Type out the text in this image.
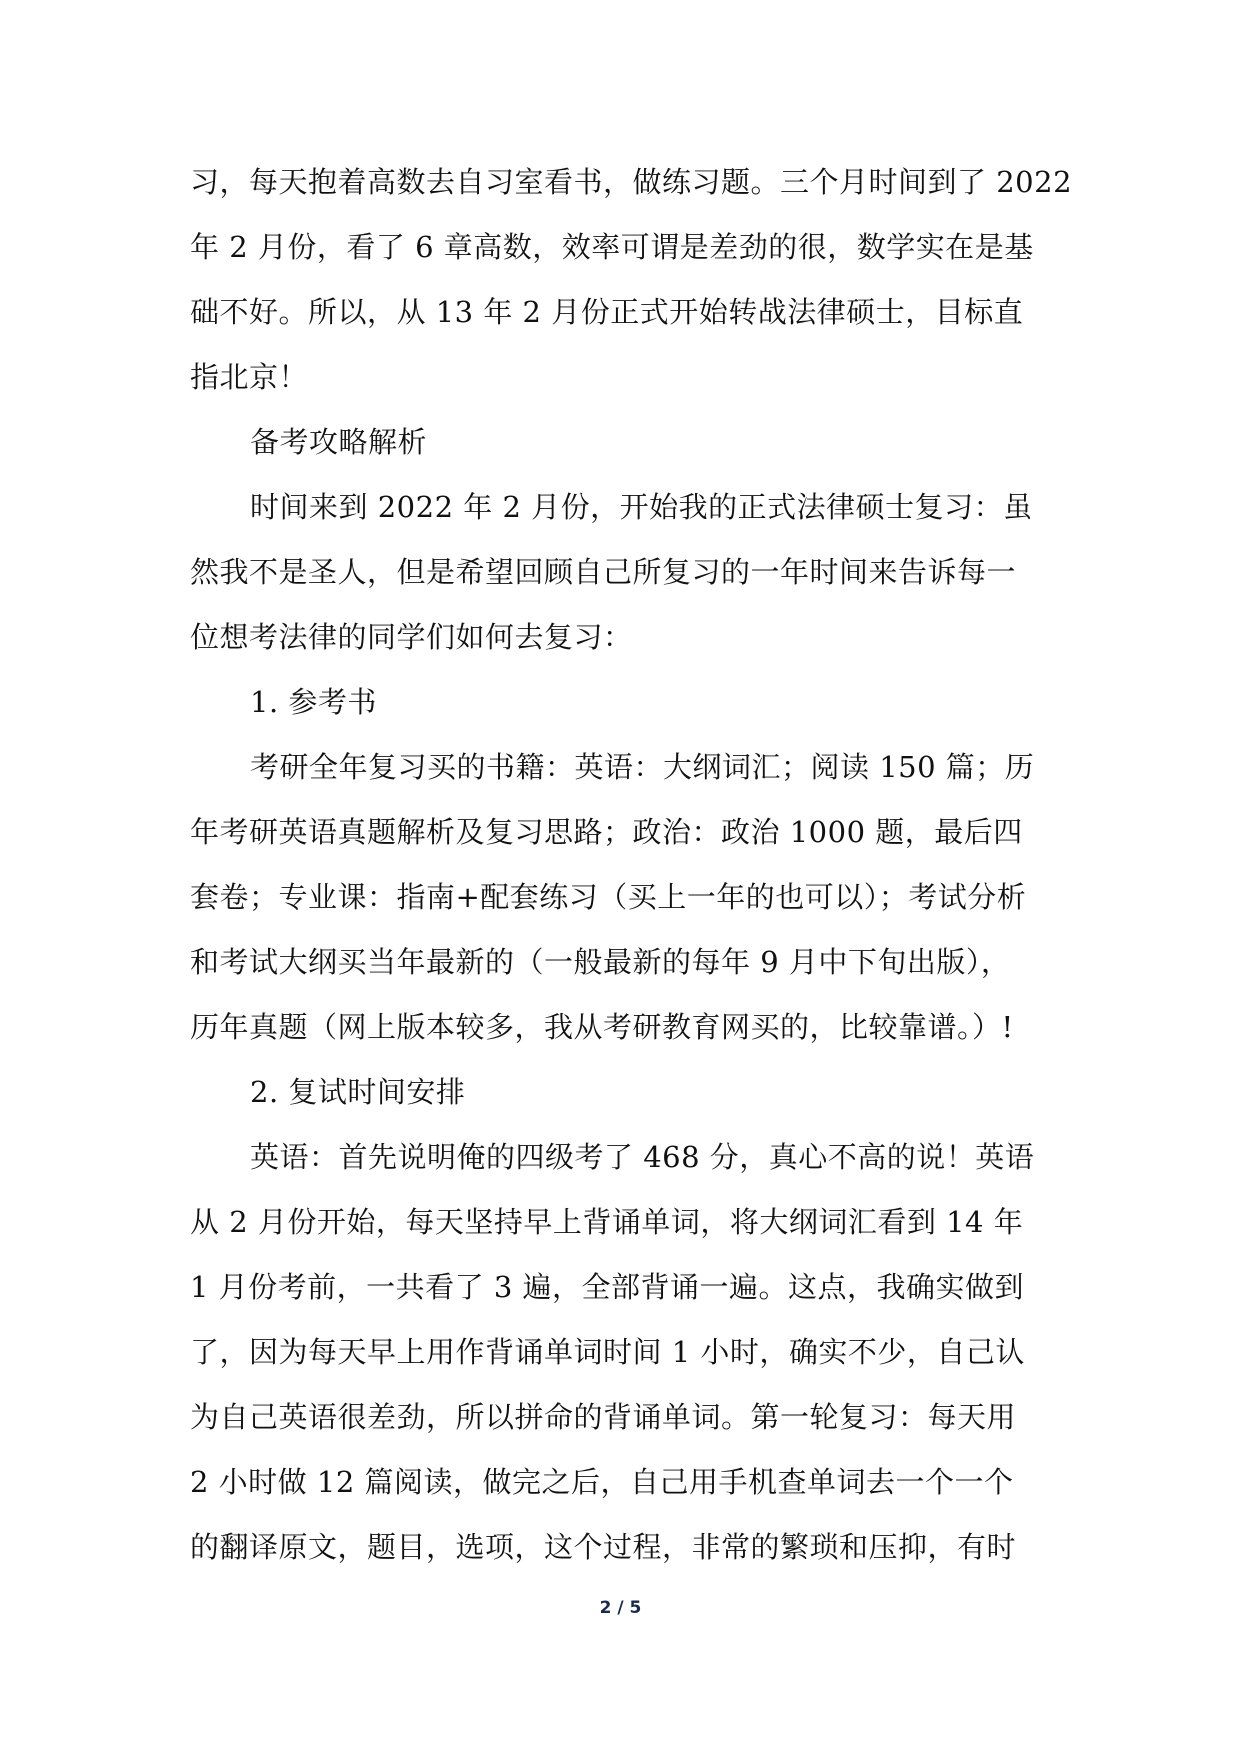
习，每天抱着高数去自习室看书，做练习题。三个月时间到了 2022
年 2 月份，看了 6 章高数，效率可谓是差劲的很，数学实在是基
础不好。所以，从 13 年 2 月份正式开始转战法律硕士，目标直
指北京！
备考攻略解析
时间来到 2022 年 2 月份，开始我的正式法律硕士复习：虽
然我不是圣人，但是希望回顾自己所复习的一年时间来告诉每一
位想考法律的同学们如何去复习：
1. 参考书
考研全年复习买的书籍：英语：大纲词汇；阅读 150 篇；历
年考研英语真题解析及复习思路；政治：政治 1000 题，最后四
套卷；专业课：指南+配套练习（买上一年的也可以）；考试分析
和考试大纲买当年最新的（一般最新的每年 9 月中下旬出版），
历年真题（网上版本较多，我从考研教育网买的，比较靠谱。）!
2. 复试时间安排
英语：首先说明俺的四级考了 468 分，真心不高的说！英语
从 2 月份开始，每天坚持早上背诵单词，将大纲词汇看到 14 年
1 月份考前，一共看了 3 遍，全部背诵一遍。这点，我确实做到
了，因为每天早上用作背诵单词时间 1 小时，确实不少，自己认
为自己英语很差劲，所以拼命的背诵单词。第一轮复习：每天用
2 小时做 12 篇阅读，做完之后，自己用手机查单词去一个一个
的翻译原文，题目，选项，这个过程，非常的繁琐和压抑，有时
2 / 5
